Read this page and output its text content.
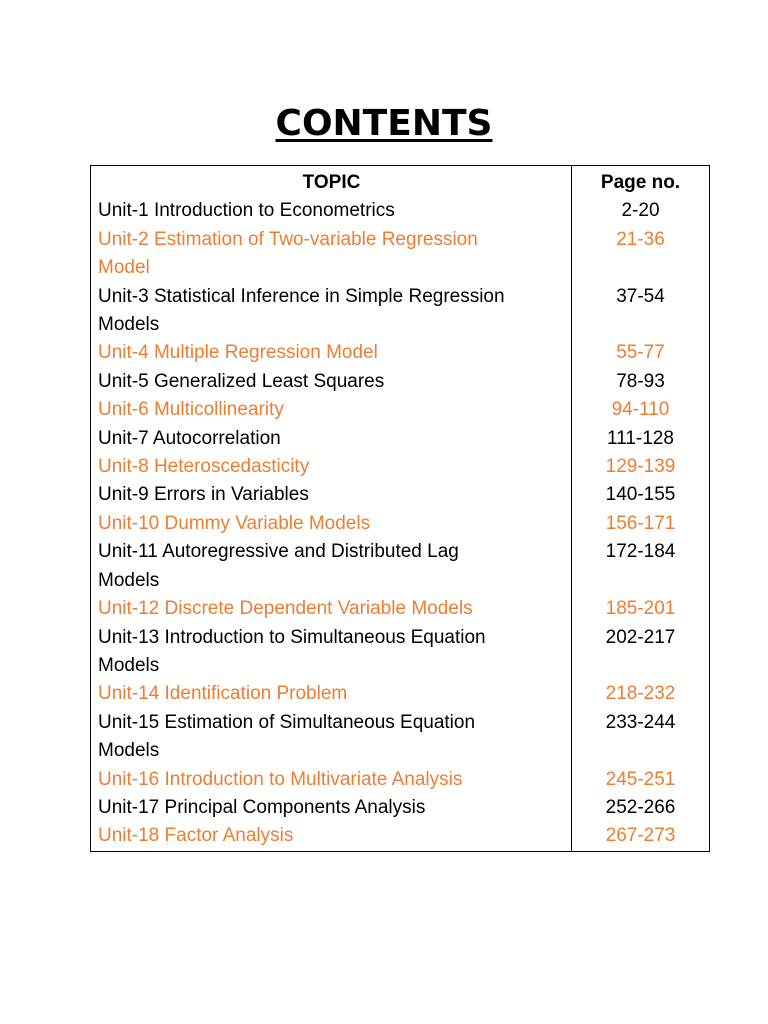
CONTENTS
TOPIC
Unit-1 Introduction to Econometrics
Unit-2 Estimation of Two-variable Regression
Model
Unit-3 Statistical Inference in Simple Regression
Models
Unit-4 Multiple Regression Model
Unit-5 Generalized Least Squares
Unit-6 Multicollinearity
Unit-7 Autocorrelation
Unit-8 Heteroscedasticity
Unit-9 Errors in Variables
Unit-10 Dummy Variable Models
Unit-11 Autoregressive and Distributed Lag
Models
Unit-12 Discrete Dependent Variable Models
Unit-13 Introduction to Simultaneous Equation
Models
Unit-14 Identification Problem
Unit-15 Estimation of Simultaneous Equation
Models
Unit-16 Introduction to Multivariate Analysis
Unit-17 Principal Components Analysis
Unit-18 Factor Analysis
Page no.
2-20
21-36

37-54

55-77
78-93
94-110
111-128
129-139
140-155
156-171
172-184

185-201
202-217

218-232
233-244

245-251
252-266
267-273
